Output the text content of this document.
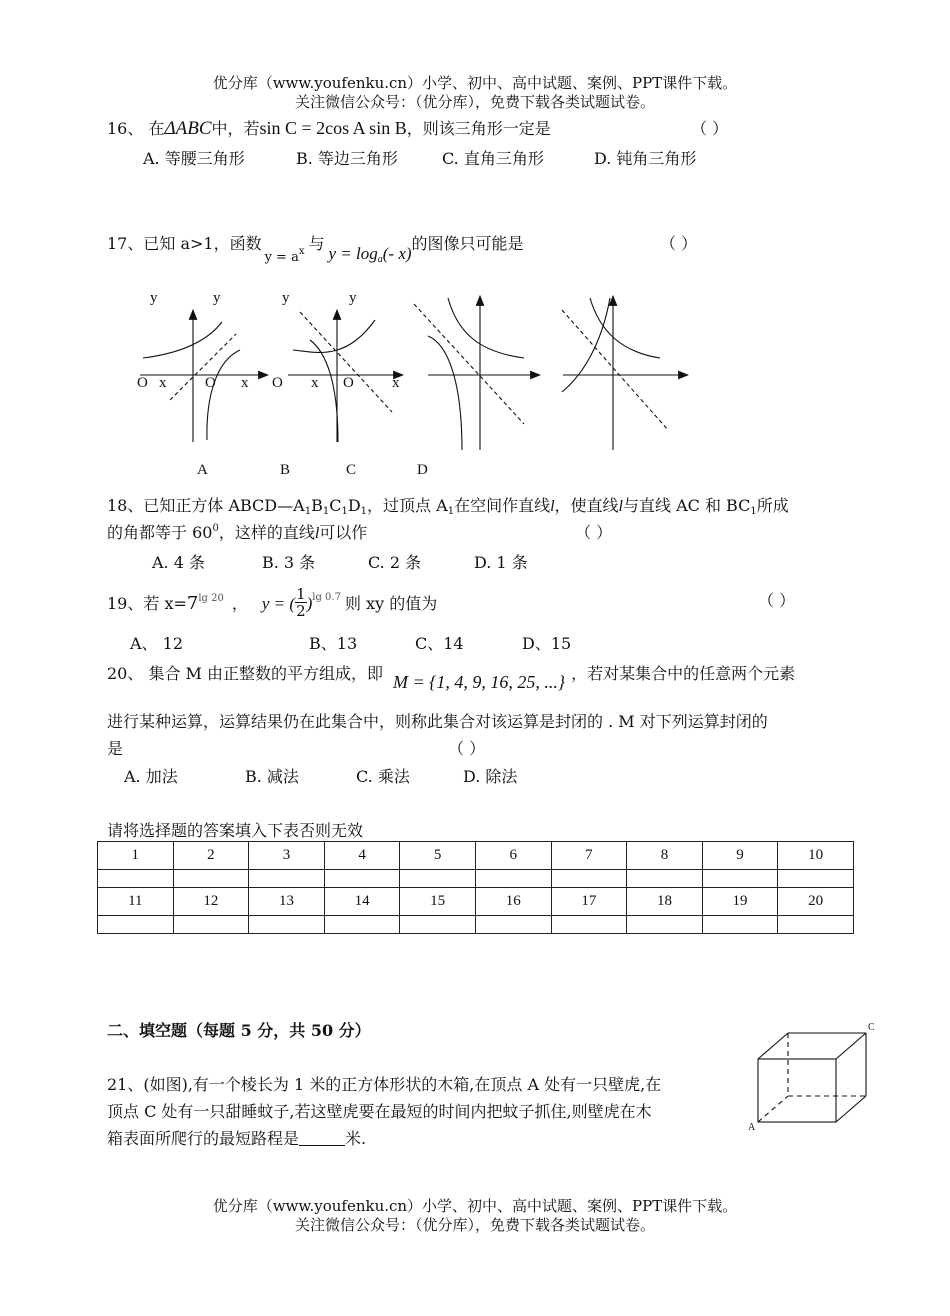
优分库（www.youfenku.cn）小学、初中、高中试题、案例、PPT课件下载。
关注微信公众号：（优分库），免费下载各类试题试卷。
16、 在ΔABC中，若sin C = 2cos A sin B，则该三角形一定是	（ ）
A. 等腰三角形	B. 等边三角形	C. 直角三角形	D. 钝角三角形
17、已知 a>1，函数$_{y = a^x}$ 与$y = \log_a(-$ x)的图像只可能是	（ ）
y	y	y	y
O x	O x O x O	x
A	B	C	D
18、已知正方体 $ABCD—A_1B_1C_1D_1$，过顶点 $A_1$在空间作直线l，使直线l与直线 AC 和 $BC_1$所成
的角都等于 $60^0$，这样的直线l可以作	（ ）
A. 4 条	B. 3 条	C. 2 条	D. 1 条
19、若 $x=7^{lg 20}$ ， y = ( $\frac{1}{2} )^{lg 0.7}$ 则 xy 的值为	（ ）
A、 12	B、13	C、14	D、15
20、 集合 M 由正整数的平方组成，即 M = {1, 4, 9, 16, 25, ...} ，若对某集合中的任意两个元素
进行某种运算，运算结果仍在此集合中，则称此集合对该运算是封闭的 . M 对下列运算封闭的
是	（ ）
A. 加法	B. 减法	C. 乘法	D. 除法
请将选择题的答案填入下表否则无效
1	2	3	4	5	6	7	8	9	10

11	12	13	14	15	16	17	18	19	20

二、填空题（每题 5 分，共 50 分）
21、(如图),有一个棱长为 1 米的正方体形状的木箱,在顶点 A 处有一只壁虎,在
顶点 C 处有一只甜睡蚊子,若这壁虎要在最短的时间内把蚊子抓住,则壁虎在木
箱表面所爬行的最短路程是	米.
A
C
优分库（www.youfenku.cn）小学、初中、高中试题、案例、PPT课件下载。
关注微信公众号：（优分库），免费下载各类试题试卷。
